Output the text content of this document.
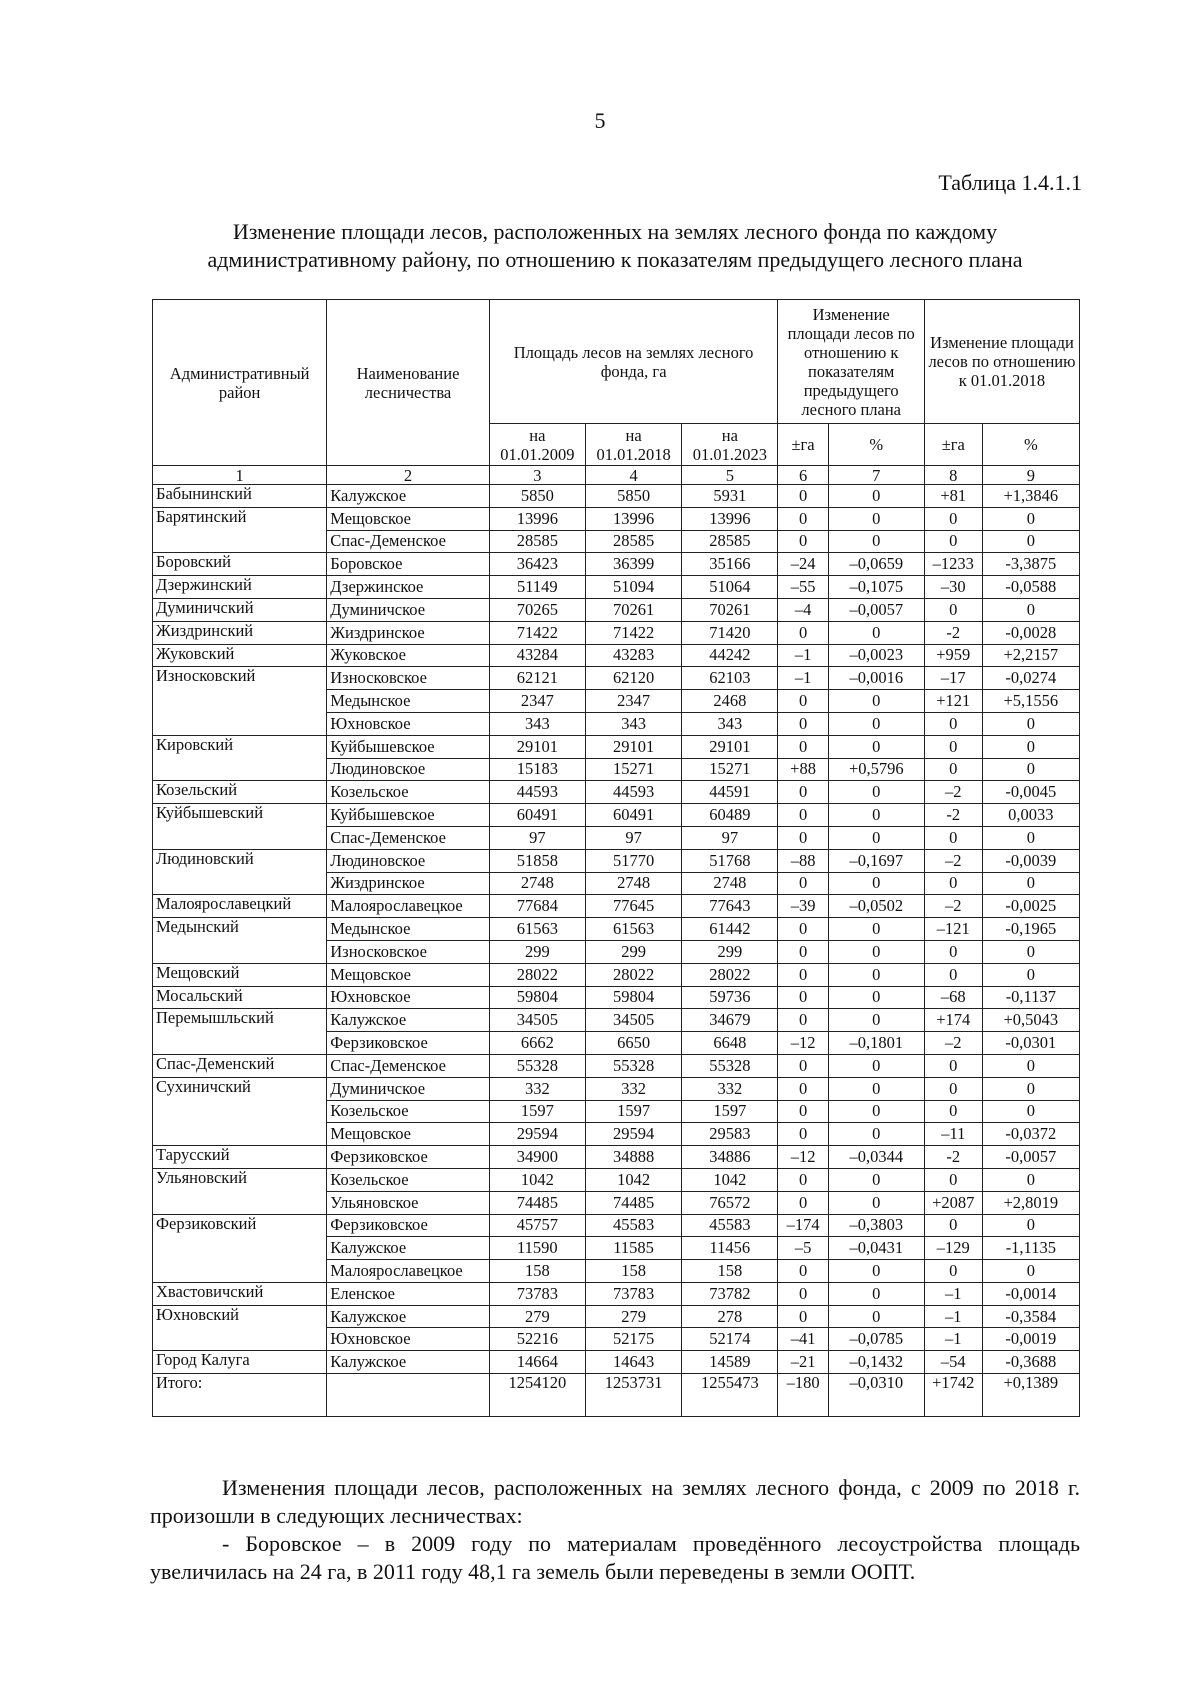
5
Таблица 1.4.1.1
Изменение площади лесов, расположенных на землях лесного фонда по каждому
административному району, по отношению к показателям предыдущего лесного плана
Административный район	Наименование лесничества	Площадь лесов на землях лесного фонда, га			Изменение площади лесов по отношению к показателям предыдущего лесного плана		Изменение площади лесов по отношению к 01.01.2018	
		на 01.01.2009	на 01.01.2018	на 01.01.2023	±га	%	±га	%
1	2	3	4	5	6	7	8	9
Бабынинский	Калужское	5850	5850	5931	0	0	+81	+1,3846
Барятинский	Мещовское	13996	13996	13996	0	0	0	0
	Спас-Деменское	28585	28585	28585	0	0	0	0
Боровский	Боровское	36423	36399	35166	–24	–0,0659	–1233	-3,3875
Дзержинский	Дзержинское	51149	51094	51064	–55	–0,1075	–30	-0,0588
Думиничский	Думиничское	70265	70261	70261	–4	–0,0057	0	0
Жиздринский	Жиздринское	71422	71422	71420	0	0	-2	-0,0028
Жуковский	Жуковское	43284	43283	44242	–1	–0,0023	+959	+2,2157
Износковский	Износковское	62121	62120	62103	–1	–0,0016	–17	-0,0274
	Медынское	2347	2347	2468	0	0	+121	+5,1556
	Юхновское	343	343	343	0	0	0	0
Кировский	Куйбышевское	29101	29101	29101	0	0	0	0
	Людиновское	15183	15271	15271	+88	+0,5796	0	0
Козельский	Козельское	44593	44593	44591	0	0	–2	-0,0045
Куйбышевский	Куйбышевское	60491	60491	60489	0	0	-2	0,0033
	Спас-Деменское	97	97	97	0	0	0	0
Людиновский	Людиновское	51858	51770	51768	–88	–0,1697	–2	-0,0039
	Жиздринское	2748	2748	2748	0	0	0	0
Малоярославецкий	Малоярославецкое	77684	77645	77643	–39	–0,0502	–2	-0,0025
Медынский	Медынское	61563	61563	61442	0	0	–121	-0,1965
	Износковское	299	299	299	0	0	0	0
Мещовский	Мещовское	28022	28022	28022	0	0	0	0
Мосальский	Юхновское	59804	59804	59736	0	0	–68	-0,1137
Перемышльский	Калужское	34505	34505	34679	0	0	+174	+0,5043
	Ферзиковское	6662	6650	6648	–12	–0,1801	–2	-0,0301
Спас-Деменский	Спас-Деменское	55328	55328	55328	0	0	0	0
Сухиничский	Думиничское	332	332	332	0	0	0	0
	Козельское	1597	1597	1597	0	0	0	0
	Мещовское	29594	29594	29583	0	0	–11	-0,0372
Тарусский	Ферзиковское	34900	34888	34886	–12	–0,0344	-2	-0,0057
Ульяновский	Козельское	1042	1042	1042	0	0	0	0
	Ульяновское	74485	74485	76572	0	0	+2087	+2,8019
Ферзиковский	Ферзиковское	45757	45583	45583	–174	–0,3803	0	0
	Калужское	11590	11585	11456	–5	–0,0431	–129	-1,1135
	Малоярославецкое	158	158	158	0	0	0	0
Хвастовичский	Еленское	73783	73783	73782	0	0	–1	-0,0014
Юхновский	Калужское	279	279	278	0	0	–1	-0,3584
	Юхновское	52216	52175	52174	–41	–0,0785	–1	-0,0019
Город Калуга	Калужское	14664	14643	14589	–21	–0,1432	–54	-0,3688
Итого:		1254120	1253731	1255473	–180	–0,0310	+1742	+0,1389
Изменения площади лесов, расположенных на землях лесного фонда, с 2009 по 2018 г. произошли в следующих лесничествах:
- Боровское – в 2009 году по материалам проведённого лесоустройства площадь увеличилась на 24 га, в 2011 году 48,1 га земель были переведены в земли ООПТ.
